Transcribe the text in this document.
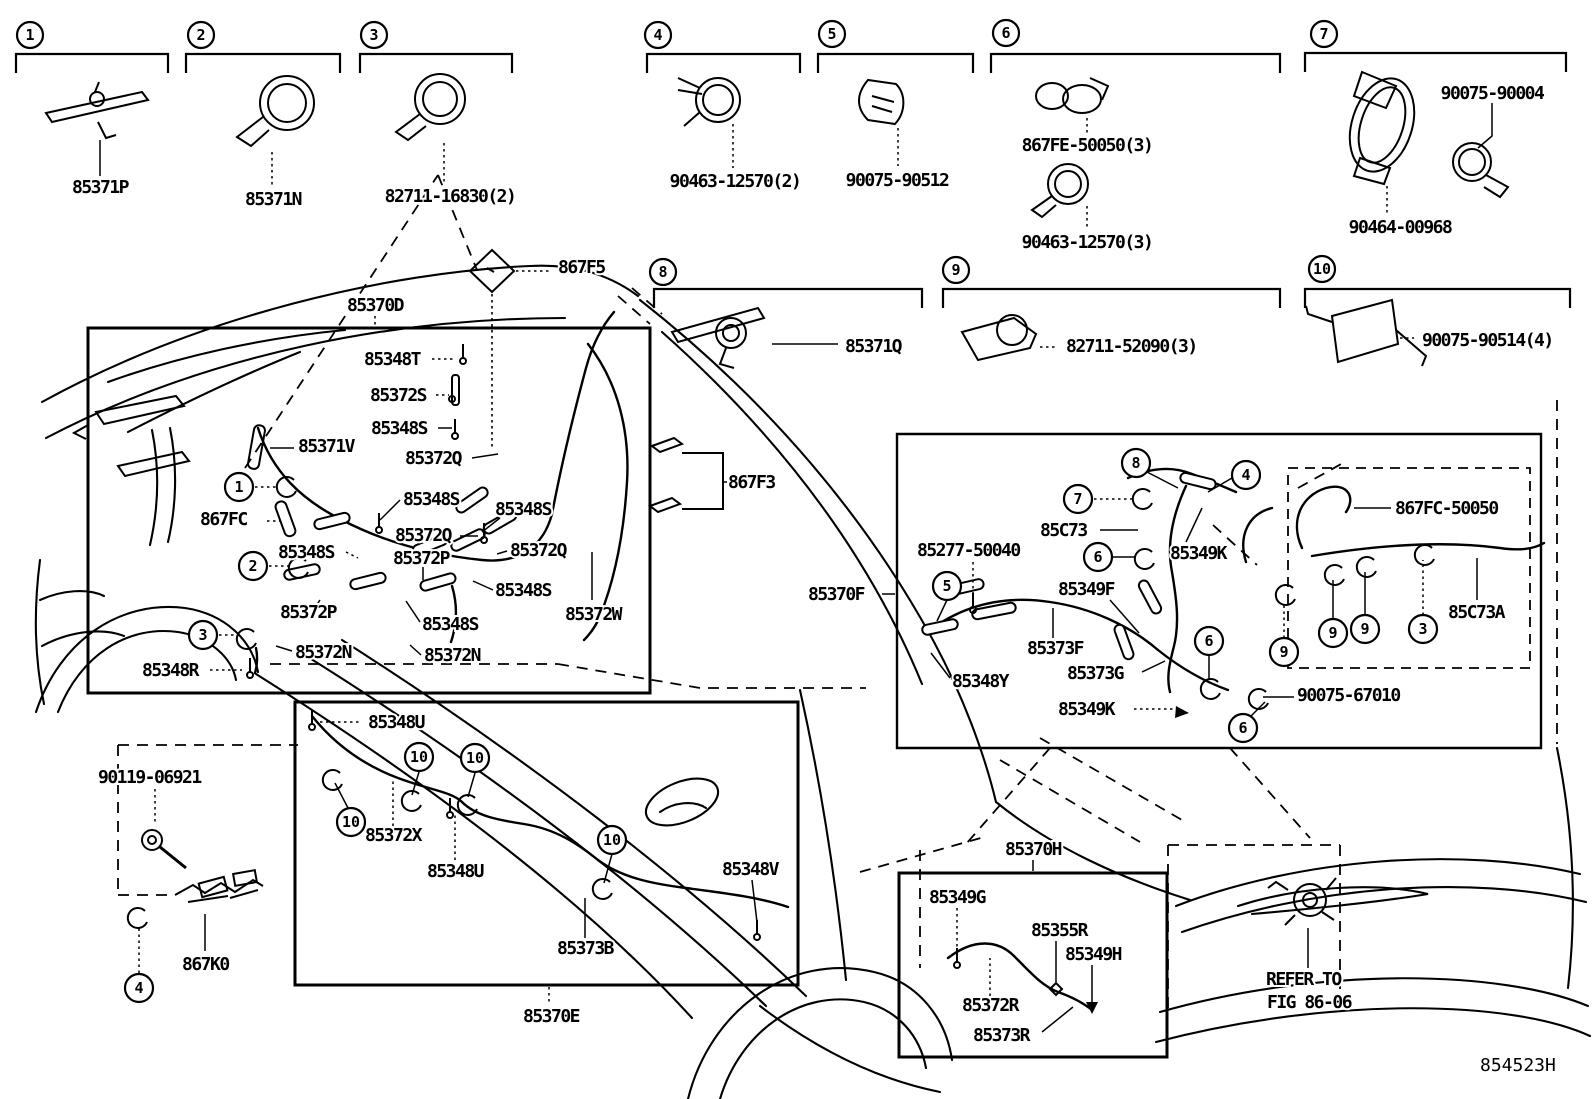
1
85371P
2
85371N
3
82711-16830(2)
4
90463-12570(2)
5
90075-90512
6
867FE-50050(3)
90463-12570(3)
7
90075-90004
90464-00968
8
85371Q
9
82711-52090(3)
10
90075-90514(4)
1
2
3
10	10
10
10
4
8
4
7
6
5
6
6
9
9 9	3
85370D
867F5
85348T
85372S
85348S
85371V
85372Q
867FC
85348S 85348S
85372Q
85372P
85348S	85372Q
85348S
85372P
85348S	85372W
85372N	85372N
85348R
867F3
85370F
85C73
85349K
85277-50040
85349F
85373F
85373G
85348Y
85349K
90075-67010
867FC-50050
85C73A
90119-06921
867K0
85348U
85372X
85348U
85373B
85348V
85370E
85370H
85349G
85355R
85349H
85372R
85373R
REFER TO
FIG 86-06
854523H
